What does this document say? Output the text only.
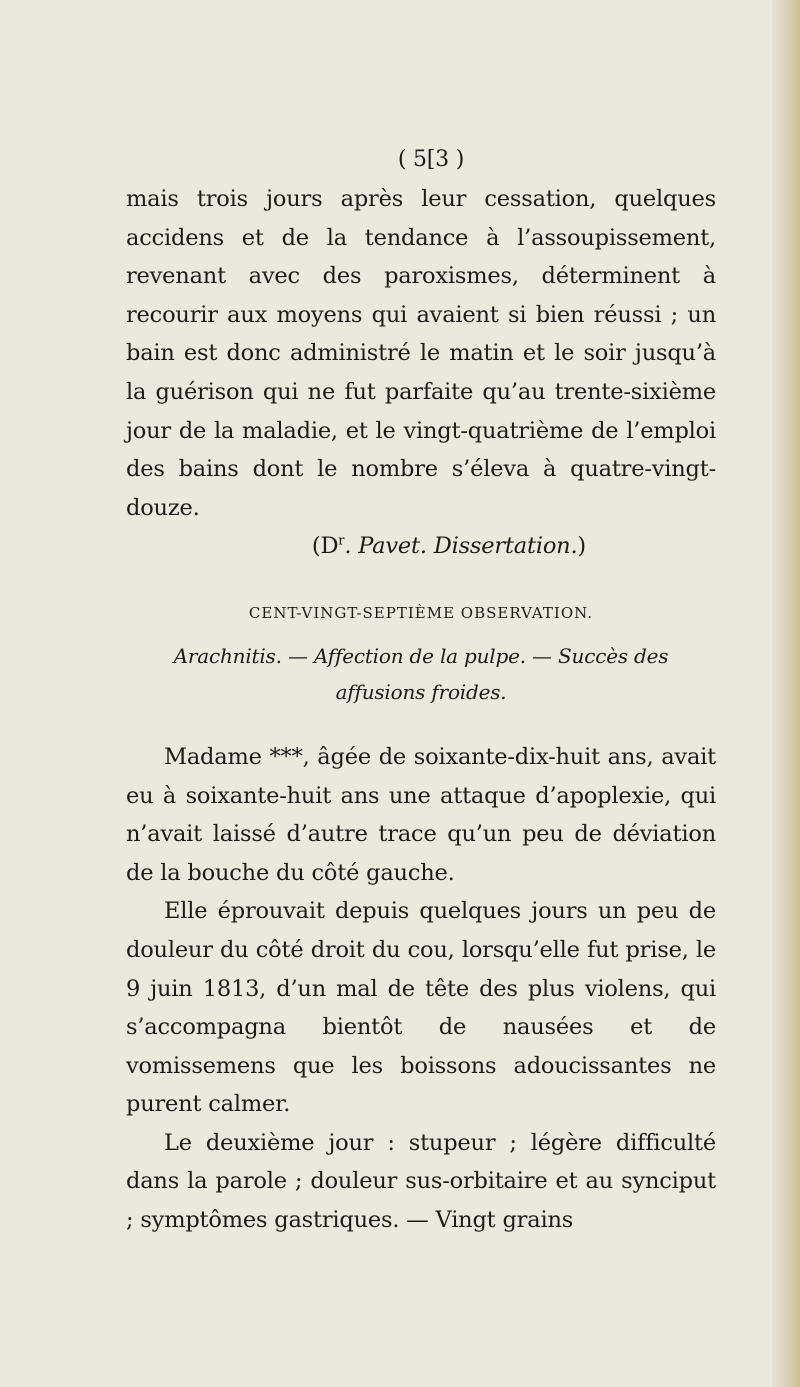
( 5[3 )

mais trois jours après leur cessation, quelques accidens et de la tendance à l’assoupissement, revenant avec des paroxismes, déterminent à recourir aux moyens qui avaient si bien réussi ; un bain est donc administré le matin et le soir jusqu’à la guérison qui ne fut parfaite qu’au trente-sixième jour de la maladie, et le vingt-quatrième de l’emploi des bains dont le nombre s’éleva à quatre-vingt-douze.

($D^r$. Pavet. Dissertation.)

CENT-VINGT-SEPTIÈME OBSERVATION.
Arachnitis. — Affection de la pulpe. — Succès des affusions froides.

Madame ***, âgée de soixante-dix-huit ans, avait eu à soixante-huit ans une attaque d’apoplexie, qui n’avait laissé d’autre trace qu’un peu de déviation de la bouche du côté gauche.

Elle éprouvait depuis quelques jours un peu de douleur du côté droit du cou, lorsqu’elle fut prise, le 9 juin 1813, d’un mal de tête des plus violens, qui s’accompagna bientôt de nausées et de vomissemens que les boissons adoucissantes ne purent calmer.

Le deuxième jour : stupeur ; légère difficulté dans la parole ; douleur sus-orbitaire et au synciput ; symptômes gastriques. — Vingt grains
